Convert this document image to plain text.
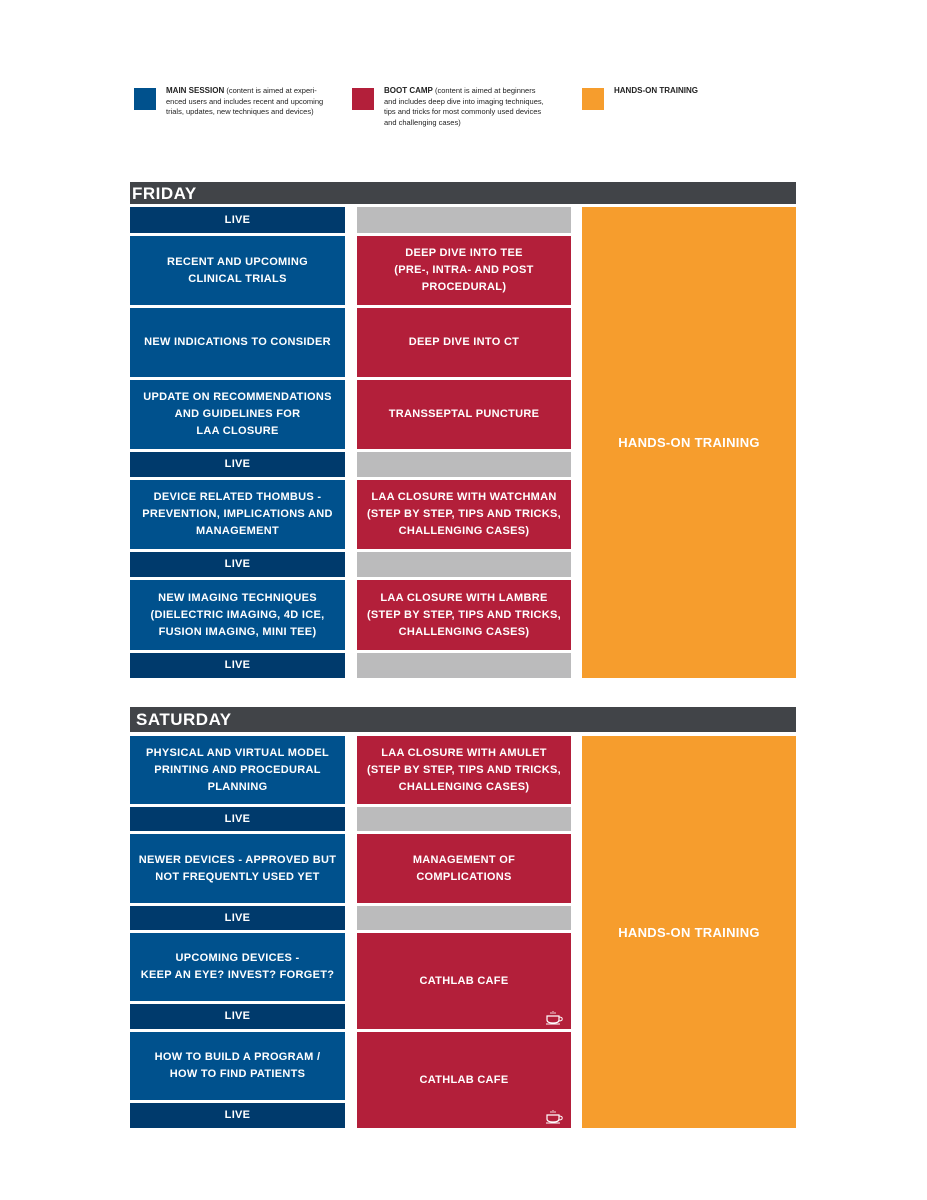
MAIN SESSION (content is aimed at experi-
enced users and includes recent and upcoming
trials, updates, new techniques and devices)
BOOT CAMP (content is aimed at beginners
and includes deep dive into imaging techniques,
tips and tricks for most commonly used devices
and challenging cases)
HANDS-ON TRAINING
FRIDAY
LIVE
RECENT AND UPCOMING
CLINICAL TRIALS
NEW INDICATIONS TO CONSIDER
UPDATE ON RECOMMENDATIONS
AND GUIDELINES FOR
LAA CLOSURE
LIVE
DEVICE RELATED THOMBUS -
PREVENTION, IMPLICATIONS AND
MANAGEMENT
LIVE
NEW IMAGING TECHNIQUES
(DIELECTRIC IMAGING, 4D ICE,
FUSION IMAGING, MINI TEE)
LIVE
DEEP DIVE INTO TEE
(PRE-, INTRA- AND POST
PROCEDURAL)
DEEP DIVE INTO CT
TRANSSEPTAL PUNCTURE
LAA CLOSURE WITH WATCHMAN
(STEP BY STEP, TIPS AND TRICKS,
CHALLENGING CASES)
LAA CLOSURE WITH LAMBRE
(STEP BY STEP, TIPS AND TRICKS,
CHALLENGING CASES)
HANDS-ON TRAINING
SATURDAY
PHYSICAL AND VIRTUAL MODEL
PRINTING AND PROCEDURAL
PLANNING
LIVE
NEWER DEVICES - APPROVED BUT
NOT FREQUENTLY USED YET
LIVE
UPCOMING DEVICES -
KEEP AN EYE? INVEST? FORGET?
LIVE
HOW TO BUILD A PROGRAM /
HOW TO FIND PATIENTS
LIVE
LAA CLOSURE WITH AMULET
(STEP BY STEP, TIPS AND TRICKS,
CHALLENGING CASES)
MANAGEMENT OF
COMPLICATIONS
CATHLAB CAFE
CATHLAB CAFE
HANDS-ON TRAINING
